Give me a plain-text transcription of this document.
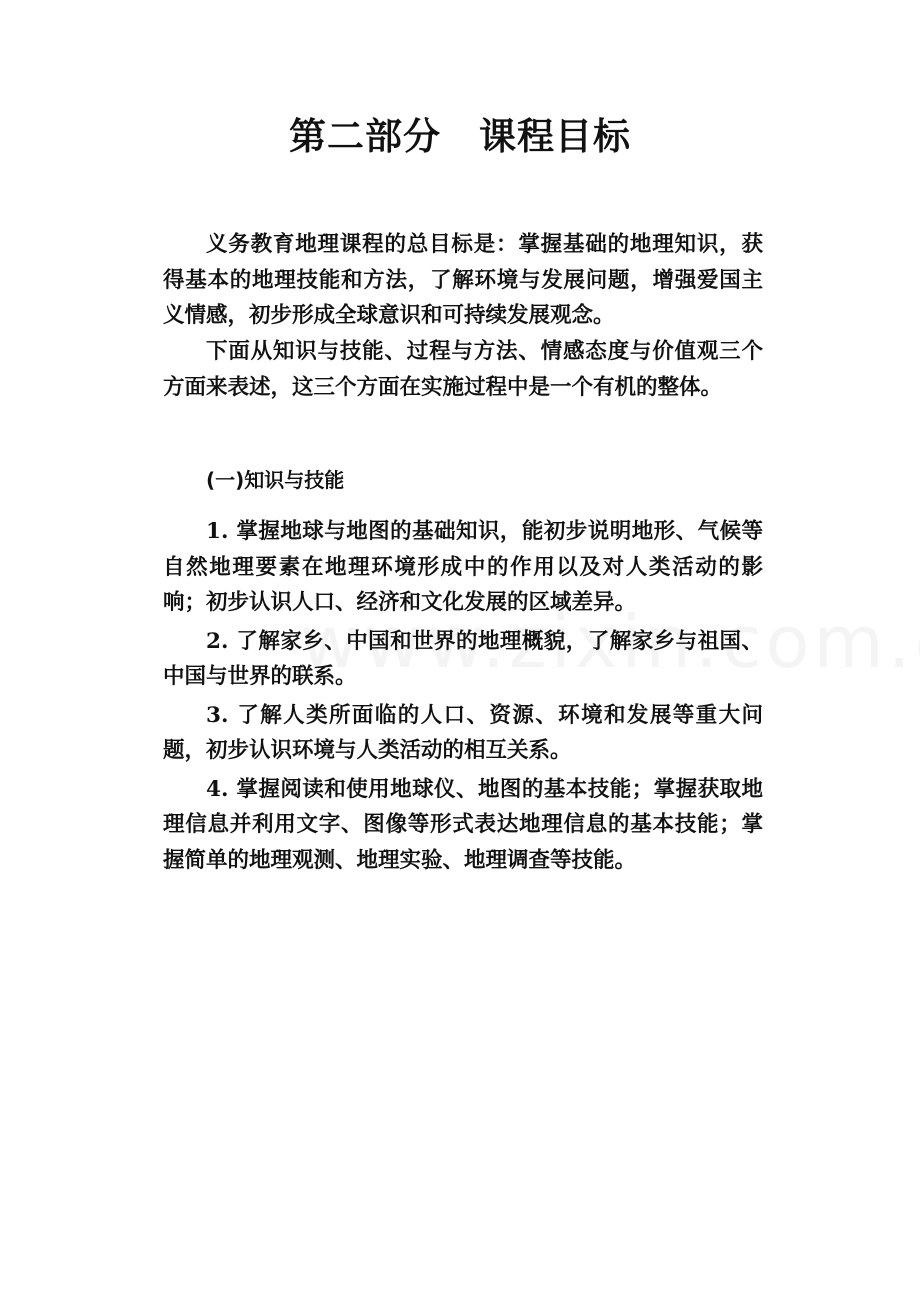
第二部分　课程目标

义务教育地理课程的总目标是：掌握基础的地理知识，获得基本的地理技能和方法，了解环境与发展问题，增强爱国主义情感，初步形成全球意识和可持续发展观念。

下面从知识与技能、过程与方法、情感态度与价值观三个方面来表述，这三个方面在实施过程中是一个有机的整体。

(一)知识与技能

1. 掌握地球与地图的基础知识，能初步说明地形、气候等自然地理要素在地理环境形成中的作用以及对人类活动的影响；初步认识人口、经济和文化发展的区域差异。

2. 了解家乡、中国和世界的地理概貌，了解家乡与祖国、中国与世界的联系。

3. 了解人类所面临的人口、资源、环境和发展等重大问题，初步认识环境与人类活动的相互关系。

4. 掌握阅读和使用地球仪、地图的基本技能；掌握获取地理信息并利用文字、图像等形式表达地理信息的基本技能；掌握简单的地理观测、地理实验、地理调查等技能。
